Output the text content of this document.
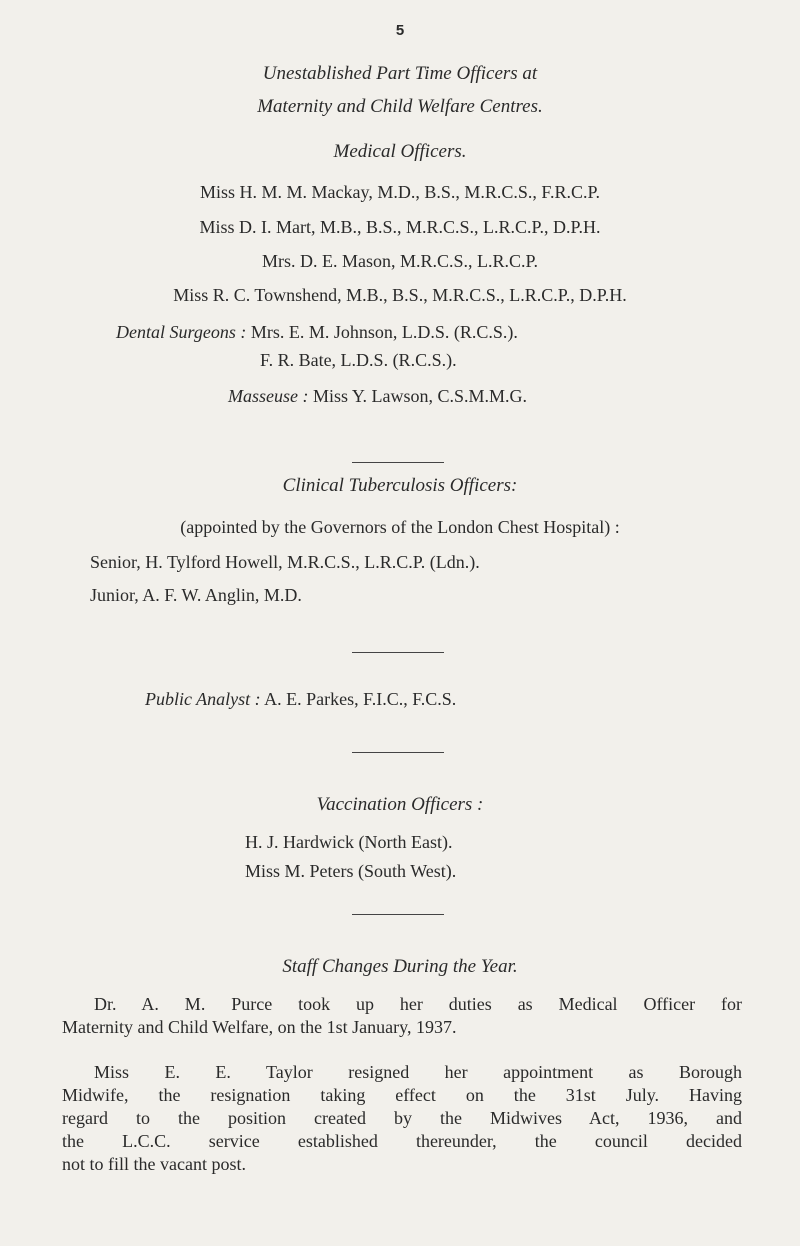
5
Unestablished Part Time Officers at
Maternity and Child Welfare Centres.
Medical Officers.
Miss H. M. M. Mackay, M.D., B.S., M.R.C.S., F.R.C.P.
Miss D. I. Mart, M.B., B.S., M.R.C.S., L.R.C.P., D.P.H.
Mrs. D. E. Mason, M.R.C.S., L.R.C.P.
Miss R. C. Townshend, M.B., B.S., M.R.C.S., L.R.C.P., D.P.H.
Dental Surgeons : Mrs. E. M. Johnson, L.D.S. (R.C.S.).
F. R. Bate, L.D.S. (R.C.S.).
Masseuse : Miss Y. Lawson, C.S.M.M.G.
Clinical Tuberculosis Officers:
(appointed by the Governors of the London Chest Hospital) :
Senior, H. Tylford Howell, M.R.C.S., L.R.C.P. (Ldn.).
Junior, A. F. W. Anglin, M.D.
Public Analyst : A. E. Parkes, F.I.C., F.C.S.
Vaccination Officers :
H. J. Hardwick (North East).
Miss M. Peters (South West).
Staff Changes During the Year.
Dr. A. M. Purce took up her duties as Medical Officer for
Maternity and Child Welfare, on the 1st January, 1937.
Miss E. E. Taylor resigned her appointment as Borough
Midwife, the resignation taking effect on the 31st July. Having
regard to the position created by the Midwives Act, 1936, and
the L.C.C. service established thereunder, the council decided
not to fill the vacant post.
